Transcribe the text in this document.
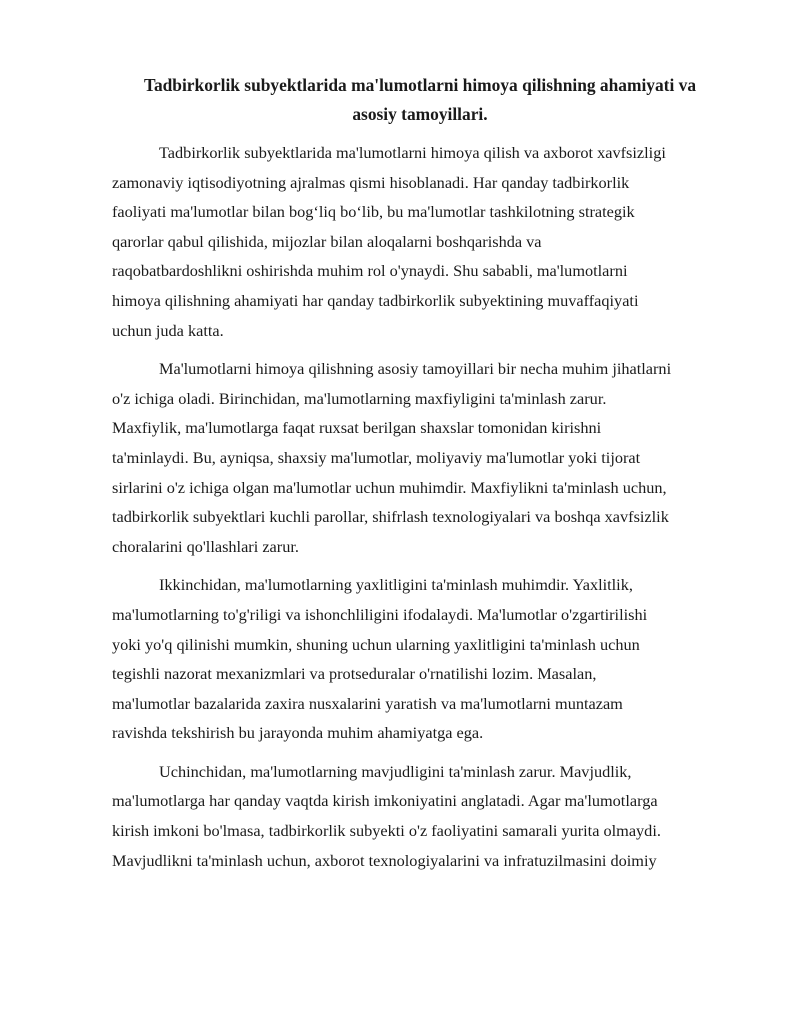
Tadbirkorlik subyektlarida ma'lumotlarni himoya qilishning ahamiyati va
asosiy tamoyillari.

Tadbirkorlik subyektlarida ma'lumotlarni himoya qilish va axborot xavfsizligi
zamonaviy iqtisodiyotning ajralmas qismi hisoblanadi. Har qanday tadbirkorlik
faoliyati ma'lumotlar bilan bog‘liq bo‘lib, bu ma'lumotlar tashkilotning strategik
qarorlar qabul qilishida, mijozlar bilan aloqalarni boshqarishda va
raqobatbardoshlikni oshirishda muhim rol o'ynaydi. Shu sababli, ma'lumotlarni
himoya qilishning ahamiyati har qanday tadbirkorlik subyektining muvaffaqiyati
uchun juda katta.

Ma'lumotlarni himoya qilishning asosiy tamoyillari bir necha muhim jihatlarni
o'z ichiga oladi. Birinchidan, ma'lumotlarning maxfiyligini ta'minlash zarur.
Maxfiylik, ma'lumotlarga faqat ruxsat berilgan shaxslar tomonidan kirishni
ta'minlaydi. Bu, ayniqsa, shaxsiy ma'lumotlar, moliyaviy ma'lumotlar yoki tijorat
sirlarini o'z ichiga olgan ma'lumotlar uchun muhimdir. Maxfiylikni ta'minlash uchun,
tadbirkorlik subyektlari kuchli parollar, shifrlash texnologiyalari va boshqa xavfsizlik
choralarini qo'llashlari zarur.

Ikkinchidan, ma'lumotlarning yaxlitligini ta'minlash muhimdir. Yaxlitlik,
ma'lumotlarning to'g'riligi va ishonchliligini ifodalaydi. Ma'lumotlar o'zgartirilishi
yoki yo'q qilinishi mumkin, shuning uchun ularning yaxlitligini ta'minlash uchun
tegishli nazorat mexanizmlari va protseduralar o'rnatilishi lozim. Masalan,
ma'lumotlar bazalarida zaxira nusxalarini yaratish va ma'lumotlarni muntazam
ravishda tekshirish bu jarayonda muhim ahamiyatga ega.

Uchinchidan, ma'lumotlarning mavjudligini ta'minlash zarur. Mavjudlik,
ma'lumotlarga har qanday vaqtda kirish imkoniyatini anglatadi. Agar ma'lumotlarga
kirish imkoni bo'lmasa, tadbirkorlik subyekti o'z faoliyatini samarali yurita olmaydi.
Mavjudlikni ta'minlash uchun, axborot texnologiyalarini va infratuzilmasini doimiy
